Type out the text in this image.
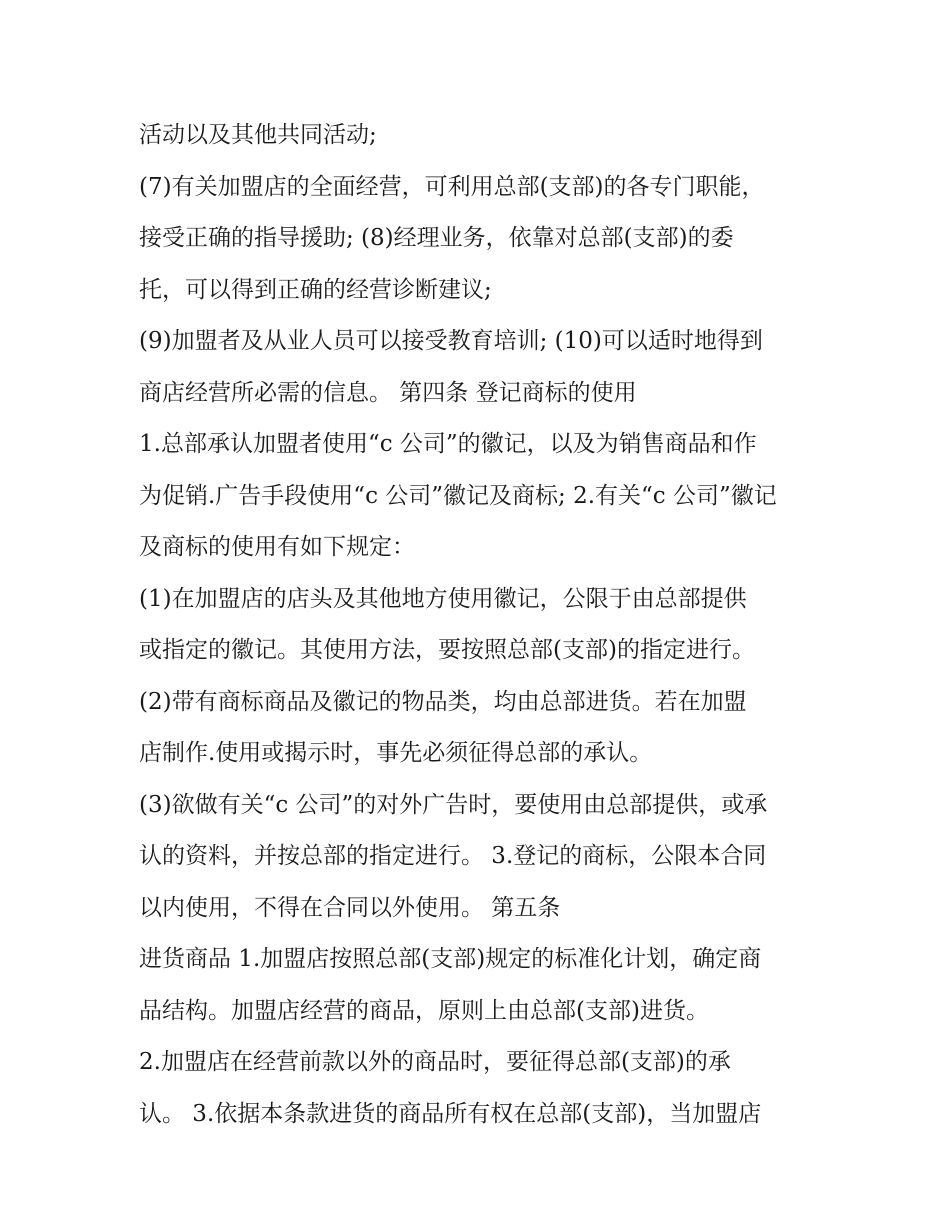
活动以及其他共同活动;
(7)有关加盟店的全面经营，可利用总部(支部)的各专门职能，
接受正确的指导援助; (8)经理业务，依靠对总部(支部)的委
托，可以得到正确的经营诊断建议;
(9)加盟者及从业人员可以接受教育培训; (10)可以适时地得到
商店经营所必需的信息。 第四条 登记商标的使用
1.总部承认加盟者使用“c 公司”的徽记，以及为销售商品和作
为促销.广告手段使用“c 公司”徽记及商标; 2.有关“c 公司”徽记
及商标的使用有如下规定：
(1)在加盟店的店头及其他地方使用徽记，公限于由总部提供
或指定的徽记。其使用方法，要按照总部(支部)的指定进行。
(2)带有商标商品及徽记的物品类，均由总部进货。若在加盟
店制作.使用或揭示时，事先必须征得总部的承认。
(3)欲做有关“c 公司”的对外广告时，要使用由总部提供，或承
认的资料，并按总部的指定进行。 3.登记的商标，公限本合同
以内使用，不得在合同以外使用。 第五条
进货商品 1.加盟店按照总部(支部)规定的标准化计划，确定商
品结构。加盟店经营的商品，原则上由总部(支部)进货。
2.加盟店在经营前款以外的商品时，要征得总部(支部)的承
认。 3.依据本条款进货的商品所有权在总部(支部)，当加盟店
